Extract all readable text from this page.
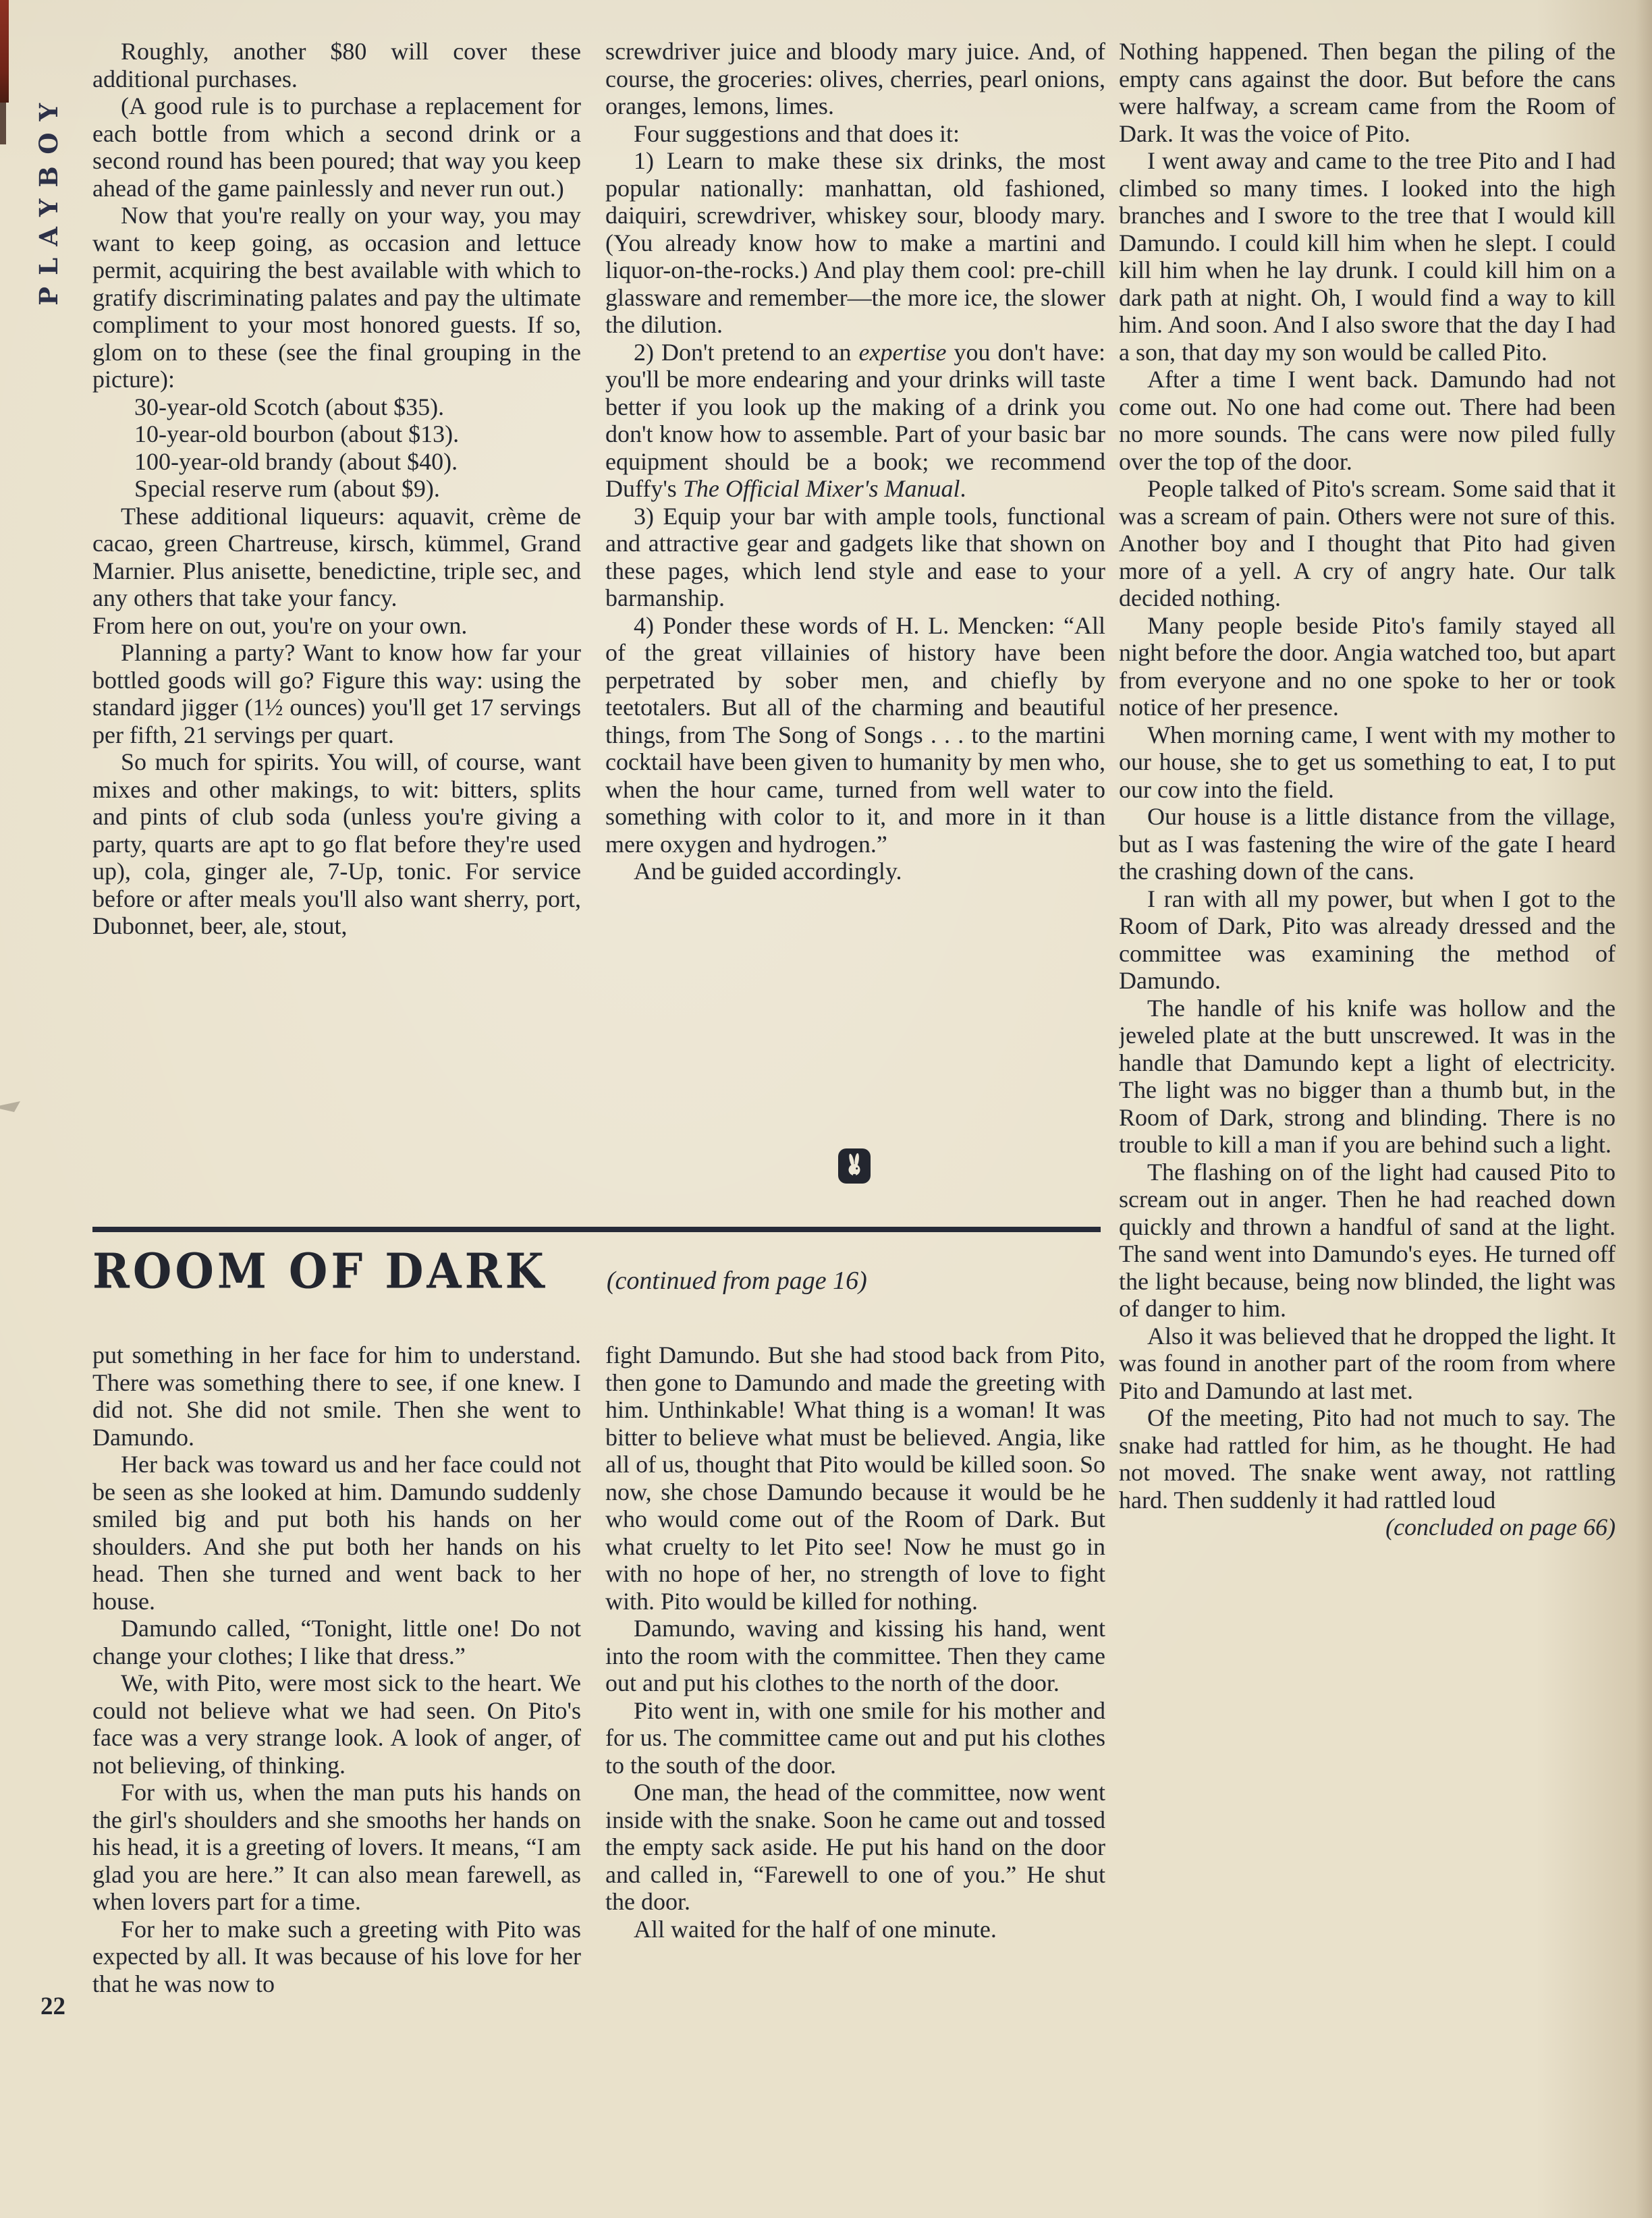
PLAYBOY

Roughly, another $80 will cover these additional purchases.

(A good rule is to purchase a replacement for each bottle from which a second drink or a second round has been poured; that way you keep ahead of the game painlessly and never run out.)

Now that you're really on your way, you may want to keep going, as occasion and lettuce permit, acquiring the best available with which to gratify discriminating palates and pay the ultimate compliment to your most honored guests. If so, glom on to these (see the final grouping in the picture):

30-year-old Scotch (about $35).

10-year-old bourbon (about $13).

100-year-old brandy (about $40).

Special reserve rum (about $9).

These additional liqueurs: aquavit, crème de cacao, green Chartreuse, kirsch, kümmel, Grand Marnier. Plus anisette, benedictine, triple sec, and any others that take your fancy.

From here on out, you're on your own.

Planning a party? Want to know how far your bottled goods will go? Figure this way: using the standard jigger (1½ ounces) you'll get 17 servings per fifth, 21 servings per quart.

So much for spirits. You will, of course, want mixes and other makings, to wit: bitters, splits and pints of club soda (unless you're giving a party, quarts are apt to go flat before they're used up), cola, ginger ale, 7-Up, tonic. For service before or after meals you'll also want sherry, port, Dubonnet, beer, ale, stout,

screwdriver juice and bloody mary juice. And, of course, the groceries: olives, cherries, pearl onions, oranges, lemons, limes.

Four suggestions and that does it:

1) Learn to make these six drinks, the most popular nationally: manhattan, old fashioned, daiquiri, screwdriver, whiskey sour, bloody mary. (You already know how to make a martini and liquor-on-the-rocks.) And play them cool: pre-chill glassware and remember—the more ice, the slower the dilution.

2) Don't pretend to an expertise you don't have: you'll be more endearing and your drinks will taste better if you look up the making of a drink you don't know how to assemble. Part of your basic bar equipment should be a book; we recommend Duffy's The Official Mixer's Manual.

3) Equip your bar with ample tools, functional and attractive gear and gadgets like that shown on these pages, which lend style and ease to your barmanship.

4) Ponder these words of H. L. Mencken: “All of the great villainies of history have been perpetrated by sober men, and chiefly by teetotalers. But all of the charming and beautiful things, from The Song of Songs . . . to the martini cocktail have been given to humanity by men who, when the hour came, turned from well water to something with color to it, and more in it than mere oxygen and hydrogen.”

And be guided accordingly.

ROOM OF DARK (continued from page 16)

put something in her face for him to understand. There was something there to see, if one knew. I did not. She did not smile. Then she went to Damundo.

Her back was toward us and her face could not be seen as she looked at him. Damundo suddenly smiled big and put both his hands on her shoulders. And she put both her hands on his head. Then she turned and went back to her house.

Damundo called, “Tonight, little one! Do not change your clothes; I like that dress.”

We, with Pito, were most sick to the heart. We could not believe what we had seen. On Pito's face was a very strange look. A look of anger, of not believing, of thinking.

For with us, when the man puts his hands on the girl's shoulders and she smooths her hands on his head, it is a greeting of lovers. It means, “I am glad you are here.” It can also mean farewell, as when lovers part for a time.

For her to make such a greeting with Pito was expected by all. It was because of his love for her that he was now to

fight Damundo. But she had stood back from Pito, then gone to Damundo and made the greeting with him. Unthinkable! What thing is a woman! It was bitter to believe what must be believed. Angia, like all of us, thought that Pito would be killed soon. So now, she chose Damundo because it would be he who would come out of the Room of Dark. But what cruelty to let Pito see! Now he must go in with no hope of her, no strength of love to fight with. Pito would be killed for nothing.

Damundo, waving and kissing his hand, went into the room with the committee. Then they came out and put his clothes to the north of the door.

Pito went in, with one smile for his mother and for us. The committee came out and put his clothes to the south of the door.

One man, the head of the committee, now went inside with the snake. Soon he came out and tossed the empty sack aside. He put his hand on the door and called in, “Farewell to one of you.” He shut the door.

All waited for the half of one minute.

Nothing happened. Then began the piling of the empty cans against the door. But before the cans were halfway, a scream came from the Room of Dark. It was the voice of Pito.

I went away and came to the tree Pito and I had climbed so many times. I looked into the high branches and I swore to the tree that I would kill Damundo. I could kill him when he slept. I could kill him when he lay drunk. I could kill him on a dark path at night. Oh, I would find a way to kill him. And soon. And I also swore that the day I had a son, that day my son would be called Pito.

After a time I went back. Damundo had not come out. No one had come out. There had been no more sounds. The cans were now piled fully over the top of the door.

People talked of Pito's scream. Some said that it was a scream of pain. Others were not sure of this. Another boy and I thought that Pito had given more of a yell. A cry of angry hate. Our talk decided nothing.

Many people beside Pito's family stayed all night before the door. Angia watched too, but apart from everyone and no one spoke to her or took notice of her presence.

When morning came, I went with my mother to our house, she to get us something to eat, I to put our cow into the field.

Our house is a little distance from the village, but as I was fastening the wire of the gate I heard the crashing down of the cans.

I ran with all my power, but when I got to the Room of Dark, Pito was already dressed and the committee was examining the method of Damundo.

The handle of his knife was hollow and the jeweled plate at the butt unscrewed. It was in the handle that Damundo kept a light of electricity. The light was no bigger than a thumb but, in the Room of Dark, strong and blinding. There is no trouble to kill a man if you are behind such a light.

The flashing on of the light had caused Pito to scream out in anger. Then he had reached down quickly and thrown a handful of sand at the light. The sand went into Damundo's eyes. He turned off the light because, being now blinded, the light was of danger to him.

Also it was believed that he dropped the light. It was found in another part of the room from where Pito and Damundo at last met.

Of the meeting, Pito had not much to say. The snake had rattled for him, as he thought. He had not moved. The snake went away, not rattling hard. Then suddenly it had rattled loud

(concluded on page 66)

22
